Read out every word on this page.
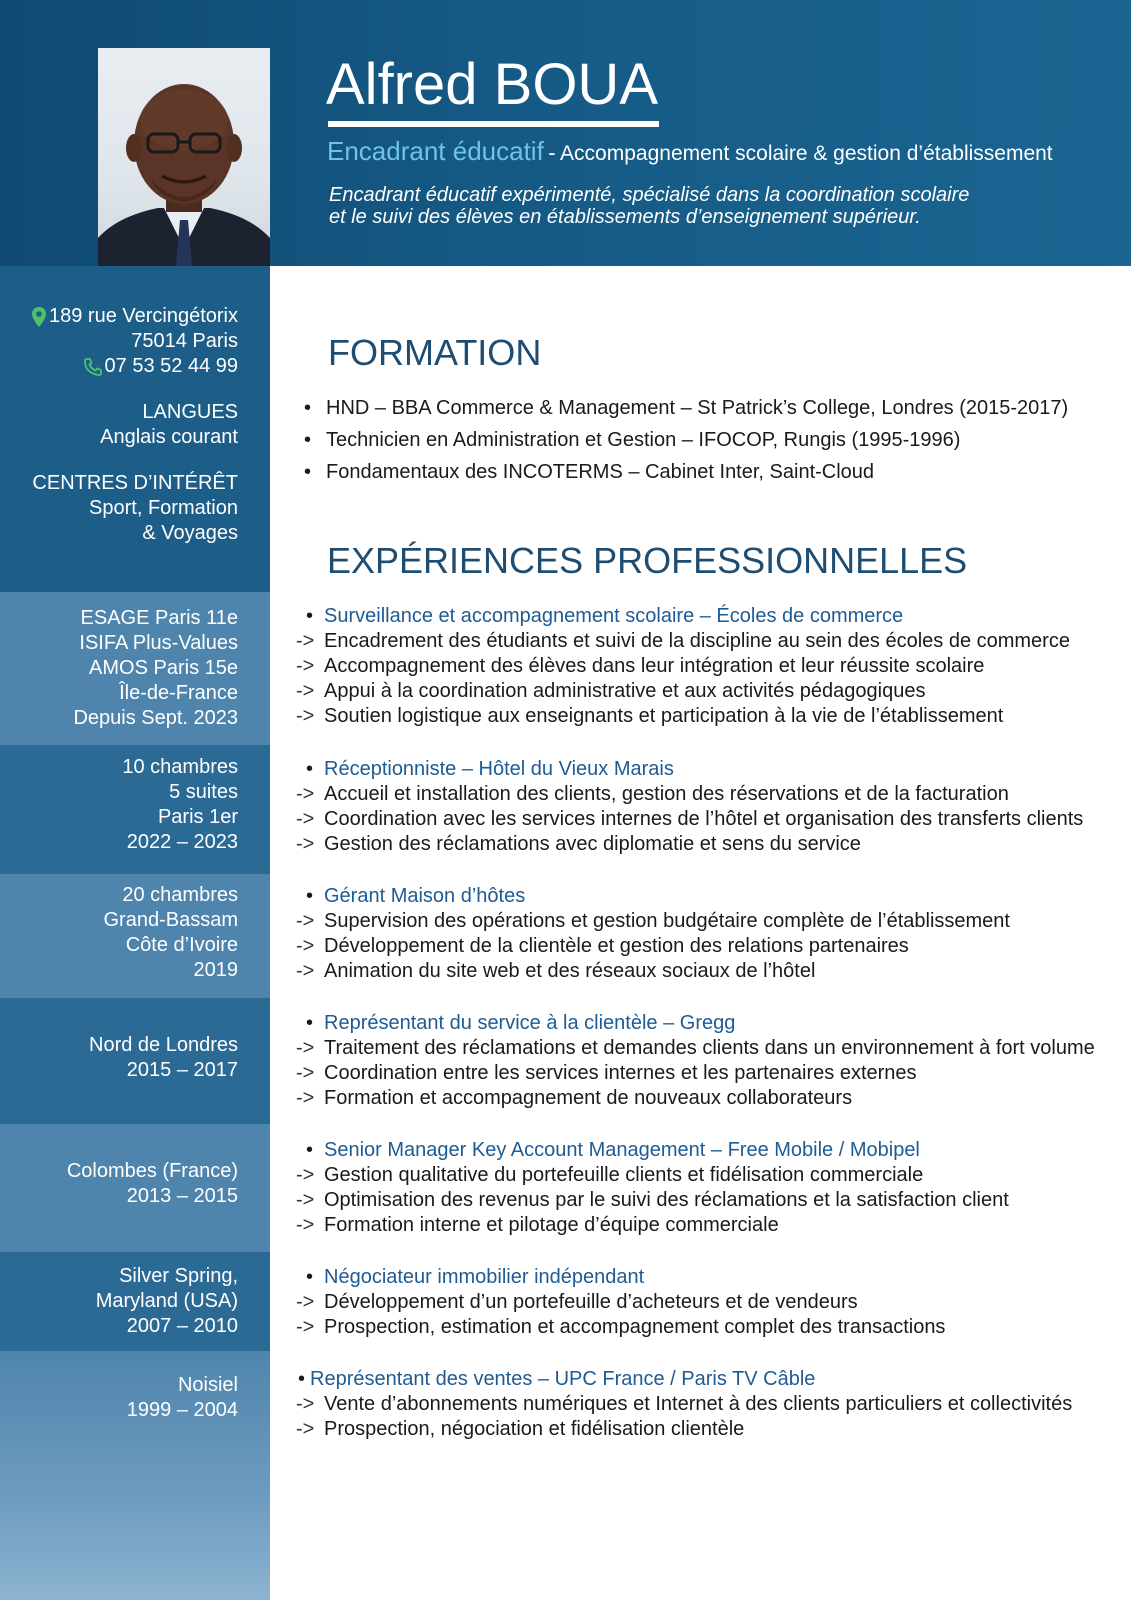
Alfred BOUA
Encadrant éducatif - Accompagnement scolaire & gestion d’établissement
Encadrant éducatif expérimenté, spécialisé dans la coordination scolaire
et le suivi des élèves en établissements d’enseignement supérieur.
189 rue Vercingétorix
75014 Paris
07 53 52 44 99
LANGUES
Anglais courant
CENTRES D’INTÉRÊT
Sport, Formation
& Voyages
ESAGE Paris 11e
ISIFA Plus-Values
AMOS Paris 15e
Île-de-France
Depuis Sept. 2023
10 chambres
5 suites
Paris 1er
2022 – 2023
20 chambres
Grand-Bassam
Côte d’Ivoire
2019
Nord de Londres
2015 – 2017
Colombes (France)
2013 – 2015
Silver Spring,
Maryland (USA)
2007 – 2010
Noisiel
1999 – 2004
FORMATION
• HND – BBA Commerce & Management – St Patrick’s College, Londres (2015-2017)
• Technicien en Administration et Gestion – IFOCOP, Rungis (1995-1996)
• Fondamentaux des INCOTERMS – Cabinet Inter, Saint-Cloud
EXPÉRIENCES PROFESSIONNELLES
• Surveillance et accompagnement scolaire – Écoles de commerce
-> Encadrement des étudiants et suivi de la discipline au sein des écoles de commerce
-> Accompagnement des élèves dans leur intégration et leur réussite scolaire
-> Appui à la coordination administrative et aux activités pédagogiques
-> Soutien logistique aux enseignants et participation à la vie de l’établissement
• Réceptionniste – Hôtel du Vieux Marais
-> Accueil et installation des clients, gestion des réservations et de la facturation
-> Coordination avec les services internes de l’hôtel et organisation des transferts clients
-> Gestion des réclamations avec diplomatie et sens du service
• Gérant Maison d’hôtes
-> Supervision des opérations et gestion budgétaire complète de l’établissement
-> Développement de la clientèle et gestion des relations partenaires
-> Animation du site web et des réseaux sociaux de l’hôtel
• Représentant du service à la clientèle – Gregg
-> Traitement des réclamations et demandes clients dans un environnement à fort volume
-> Coordination entre les services internes et les partenaires externes
-> Formation et accompagnement de nouveaux collaborateurs
• Senior Manager Key Account Management – Free Mobile / Mobipel
-> Gestion qualitative du portefeuille clients et fidélisation commerciale
-> Optimisation des revenus par le suivi des réclamations et la satisfaction client
-> Formation interne et pilotage d’équipe commerciale
• Négociateur immobilier indépendant
-> Développement d’un portefeuille d’acheteurs et de vendeurs
-> Prospection, estimation et accompagnement complet des transactions
• Représentant des ventes – UPC France / Paris TV Câble
-> Vente d’abonnements numériques et Internet à des clients particuliers et collectivités
-> Prospection, négociation et fidélisation clientèle
